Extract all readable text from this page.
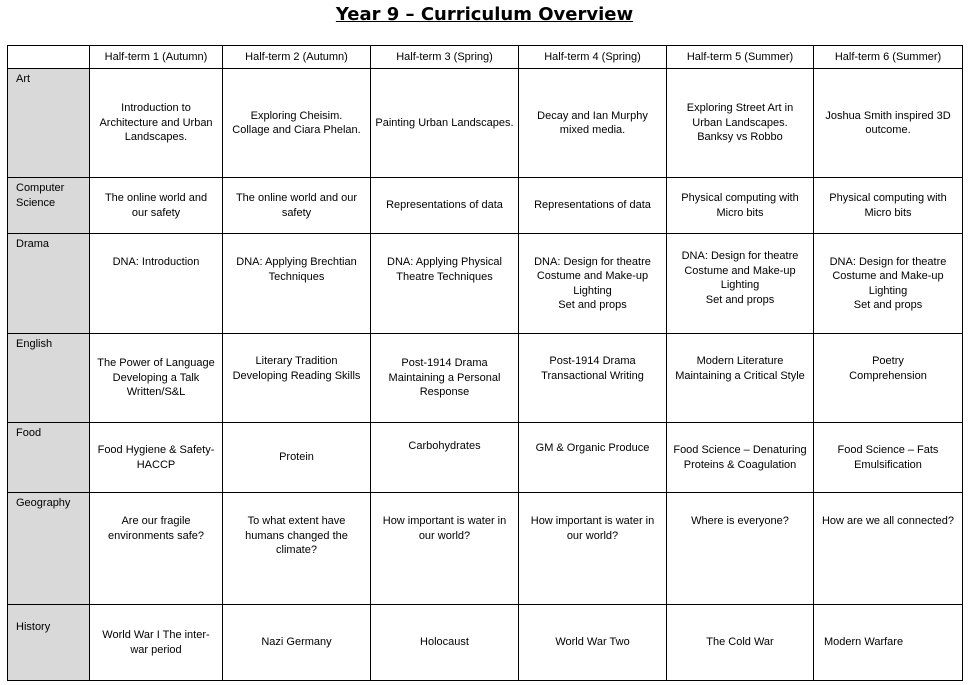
Year 9 – Curriculum Overview
	Half-term 1 (Autumn)	Half-term 2 (Autumn)	Half-term 3 (Spring)	Half-term 4 (Spring)	Half-term 5 (Summer)	Half-term 6 (Summer)

Art	Introduction to
Architecture and Urban
Landscapes.	Exploring Cheisim.
Collage and Ciara Phelan.	Painting Urban Landscapes.	Decay and Ian Murphy
mixed media.	Exploring Street Art in
Urban Landscapes.
Banksy vs Robbo	Joshua Smith inspired 3D
outcome.

Computer
Science	The online world and
our safety	The online world and our
safety	Representations of data	Representations of data	Physical computing with
Micro bits	Physical computing with
Micro bits

Drama	DNA: Introduction	DNA: Applying Brechtian
Techniques	DNA: Applying Physical
Theatre Techniques	DNA: Design for theatre
Costume and Make-up
Lighting
Set and props	DNA: Design for theatre
Costume and Make-up
Lighting
Set and props	DNA: Design for theatre
Costume and Make-up
Lighting
Set and props

English	The Power of Language
Developing a Talk
Written/S&L	Literary Tradition
Developing Reading Skills	Post-1914 Drama
Maintaining a Personal
Response	Post-1914 Drama
Transactional Writing	Modern Literature
Maintaining a Critical Style	Poetry
Comprehension

Food	Food Hygiene & Safety-
HACCP	Protein	Carbohydrates	GM & Organic Produce	Food Science – Denaturing
Proteins & Coagulation	Food Science – Fats
Emulsification

Geography	Are our fragile
environments safe?	To what extent have
humans changed the
climate?	How important is water in
our world?	How important is water in
our world?	Where is everyone?	How are we all connected?

History	World War I The inter-
war period	Nazi Germany	Holocaust	World War Two	The Cold War	Modern Warfare
